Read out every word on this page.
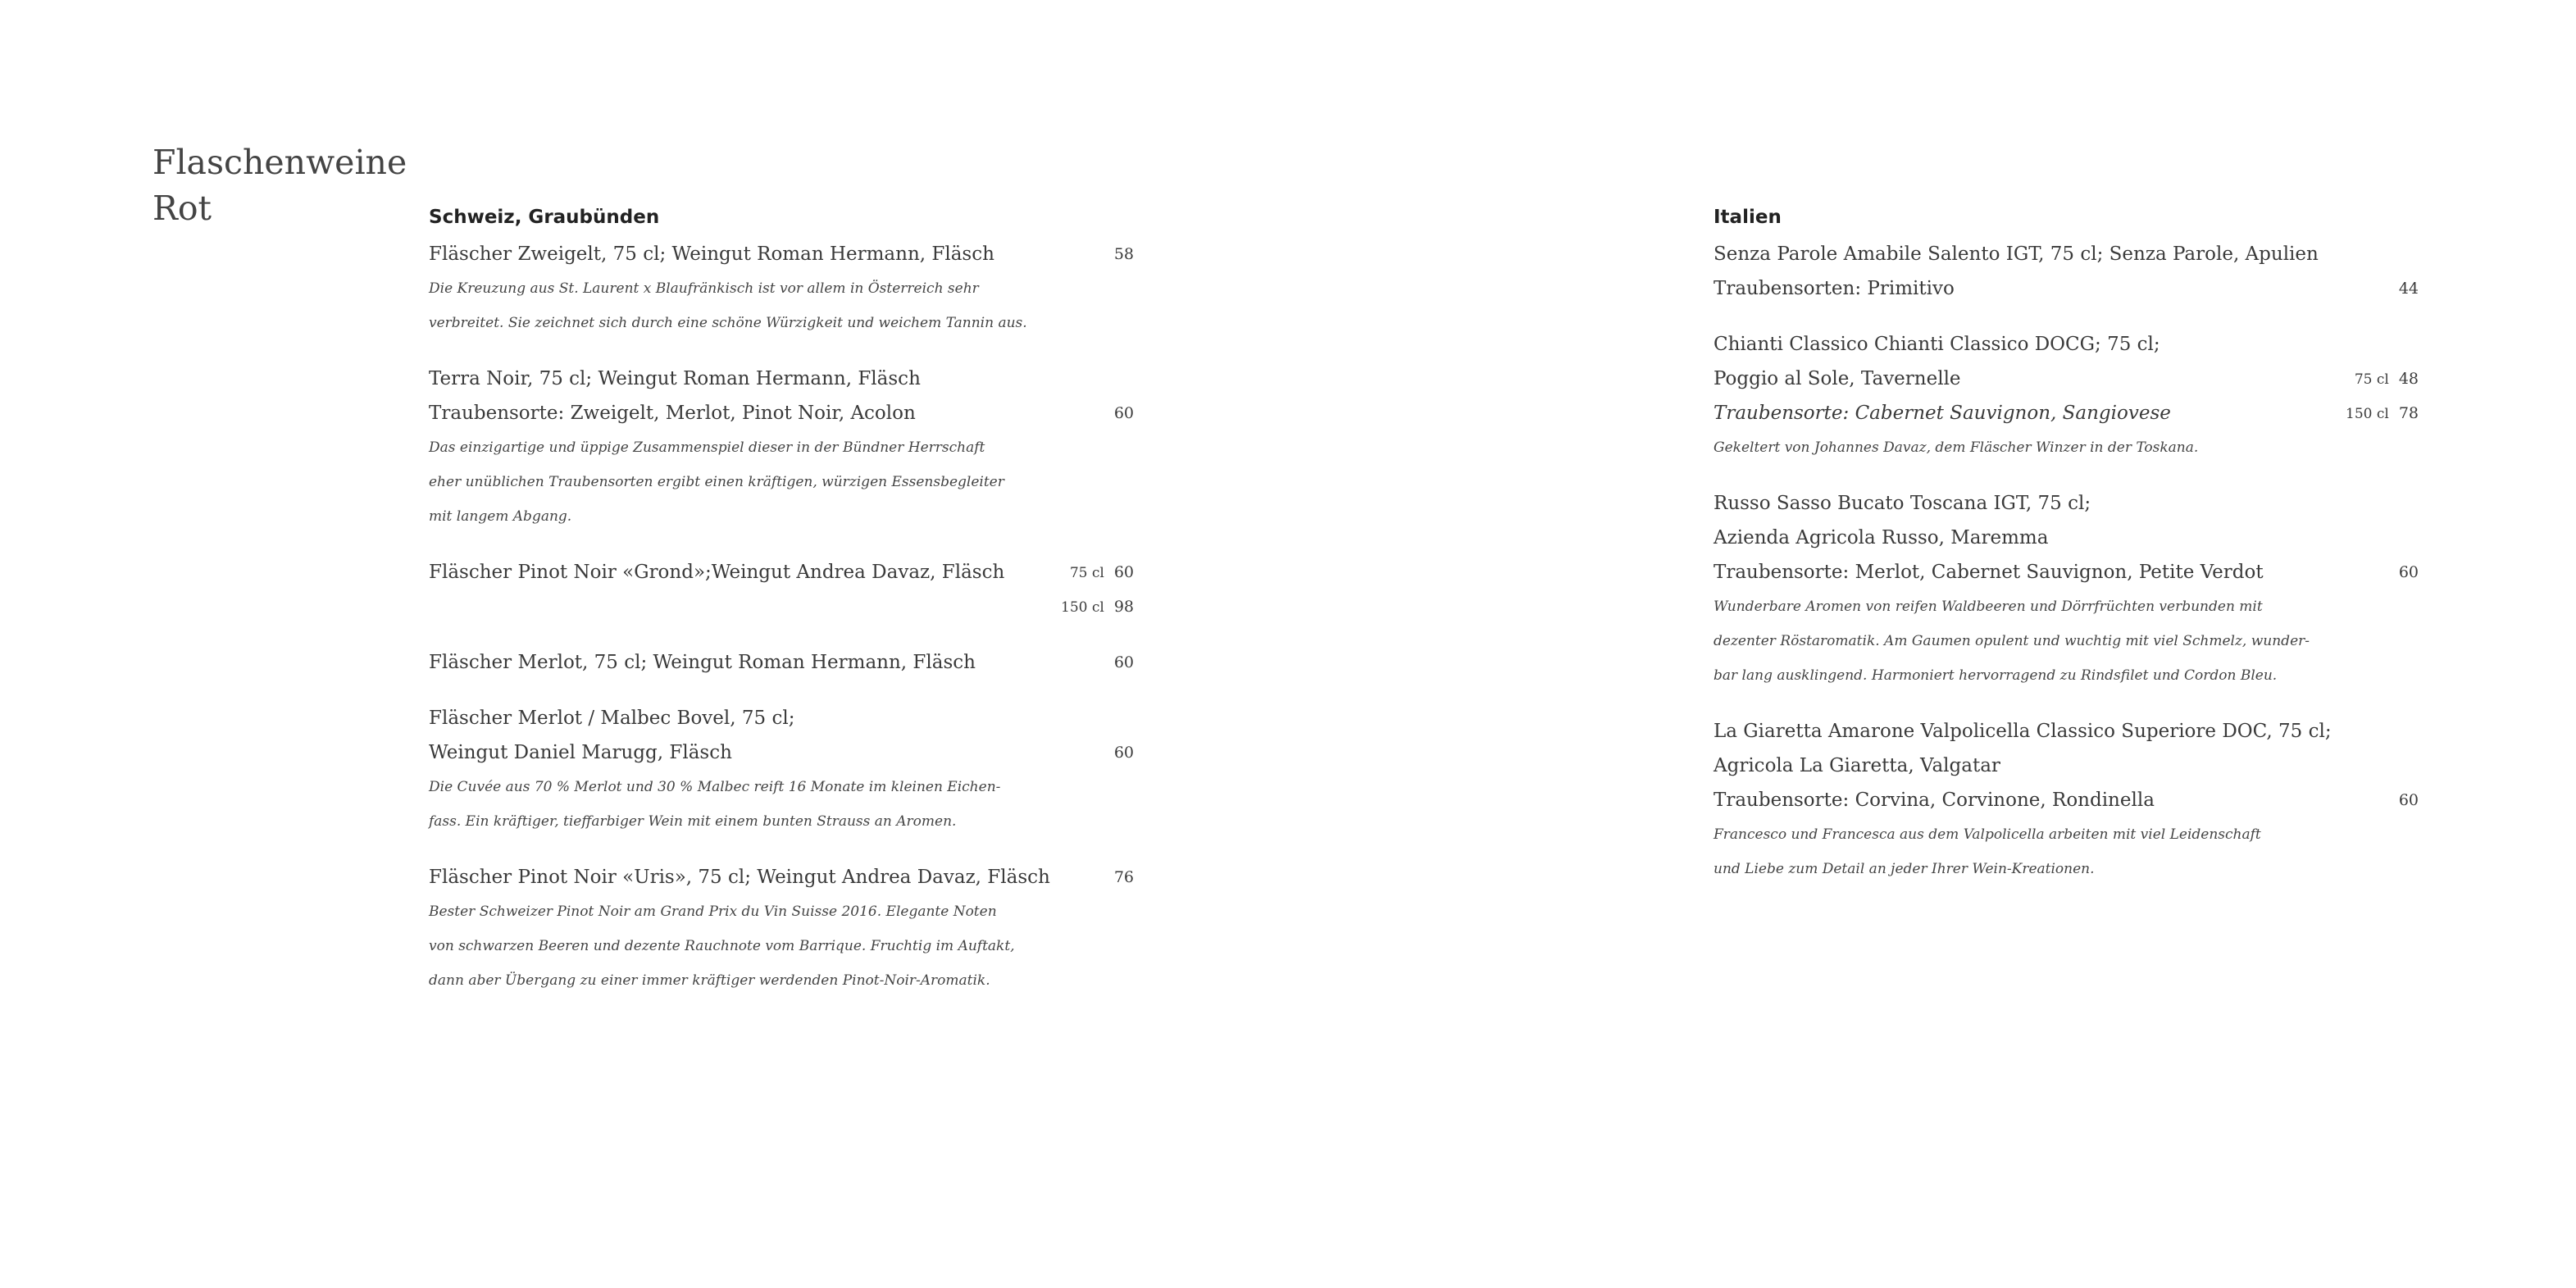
Flaschenweine
Rot	Schweiz, Graubünden
Fläscher Zweigelt, 75 cl; Weingut Roman Hermann, Fläsch	58
Die Kreuzung aus St. Laurent x Blaufränkisch ist vor allem in Österreich sehr
verbreitet. Sie zeichnet sich durch eine schöne Würzigkeit und weichem Tannin aus.
Terra Noir, 75 cl; Weingut Roman Hermann, Fläsch
Traubensorte: Zweigelt, Merlot, Pinot Noir, Acolon	60
Das einzigartige und üppige Zusammenspiel dieser in der Bündner Herrschaft
eher unüblichen Traubensorten ergibt einen kräftigen, würzigen Essensbegleiter
mit langem Abgang.
Fläscher Pinot Noir «Grond»;Weingut Andrea Davaz, Fläsch	75 cl 60
150 cl 98
Fläscher Merlot, 75 cl; Weingut Roman Hermann, Fläsch	60
Fläscher Merlot / Malbec Bovel, 75 cl;
Weingut Daniel Marugg, Fläsch	60
Die Cuvée aus 70 % Merlot und 30 % Malbec reift 16 Monate im kleinen Eichen-
fass. Ein kräftiger, tieffarbiger Wein mit einem bunten Strauss an Aromen.
Fläscher Pinot Noir «Uris», 75 cl; Weingut Andrea Davaz, Fläsch	76
Bester Schweizer Pinot Noir am Grand Prix du Vin Suisse 2016. Elegante Noten
von schwarzen Beeren und dezente Rauchnote vom Barrique. Fruchtig im Auftakt,
dann aber Übergang zu einer immer kräftiger werdenden Pinot-Noir-Aromatik.
Italien
Senza Parole Amabile Salento IGT, 75 cl; Senza Parole, Apulien
Traubensorten: Primitivo	44
Chianti Classico Chianti Classico DOCG; 75 cl;
Poggio al Sole, Tavernelle	75 cl 48
Traubensorte: Cabernet Sauvignon, Sangiovese	150 cl 78
Gekeltert von Johannes Davaz, dem Fläscher Winzer in der Toskana.
Russo Sasso Bucato Toscana IGT, 75 cl;
Azienda Agricola Russo, Maremma
Traubensorte: Merlot, Cabernet Sauvignon, Petite Verdot	60
Wunderbare Aromen von reifen Waldbeeren und Dörrfrüchten verbunden mit
dezenter Röstaromatik. Am Gaumen opulent und wuchtig mit viel Schmelz, wunder-
bar lang ausklingend. Harmoniert hervorragend zu Rindsfilet und Cordon Bleu.
La Giaretta Amarone Valpolicella Classico Superiore DOC, 75 cl;
Agricola La Giaretta, Valgatar
Traubensorte: Corvina, Corvinone, Rondinella	60
Francesco und Francesca aus dem Valpolicella arbeiten mit viel Leidenschaft
und Liebe zum Detail an jeder Ihrer Wein-Kreationen.
